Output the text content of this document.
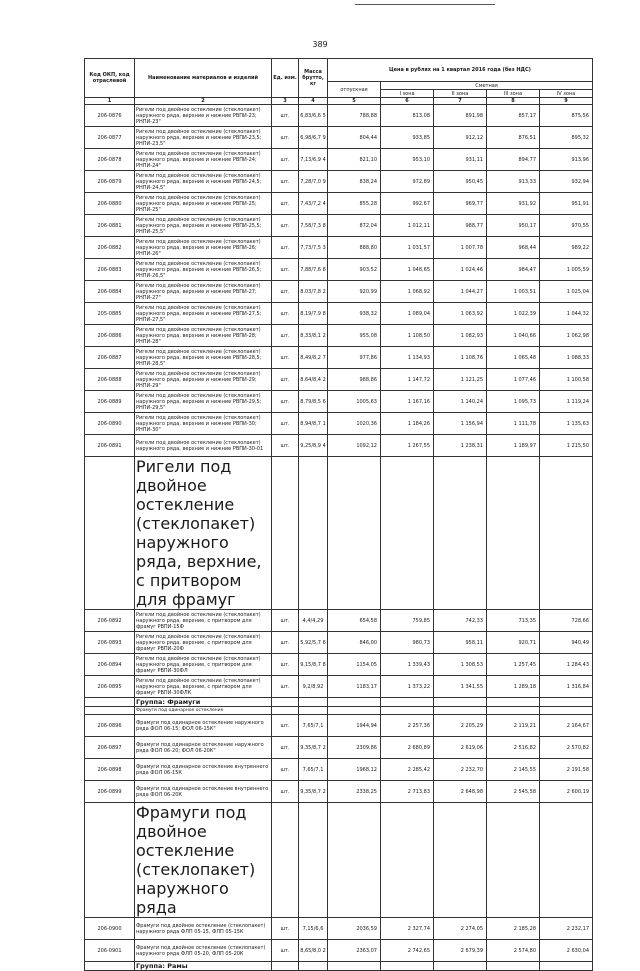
389
Код ОКП, код отраслевой	Наименование материалов и изделий	Ед. изм.	Масса брутто, кг	Цена в рублях на 1 квартал 2016 года (без НДС)				
				отпускная	Сметная			
					I зона	II зона	III зона	IV зона
1	2	3	4	5	6	7	8	9
206-0876	Ригели под двойное остекление (стеклопакет) наружного ряда, верхние и нижние РВПИ-23; РНПИ-23"	шт.	6,83/6,6 5	788,88	813,08	891,98	857,17	875,56
206-0877	Ригели под двойное остекление (стеклопакет) наружного ряда, верхние и нижние РВПИ-23,5; РНПИ-23,5"	шт.	6,98/6,7 9	804,44	933,85	912,12	876,51	895,32
206-0878	Ригели под двойное остекление (стеклопакет) наружного ряда, верхние и нижние РВПИ-24; РНПИ-24"	шт.	7,13/6,9 4	821,10	953,10	931,11	894,77	913,96
206-0879	Ригели под двойное остекление (стеклопакет) наружного ряда, верхние и нижние РВПИ-24,5; РНПИ-24,5"	шт.	7,28/7,0 9	838,24	972,89	950,45	913,33	932,94
206-0880	Ригели под двойное остекление (стеклопакет) наружного ряда, верхние и нижние РВПИ-25; РНПИ-25"	шт.	7,43/7,2 4	855,28	992,67	969,77	931,92	951,91
206-0881	Ригели под двойное остекление (стеклопакет) наружного ряда, верхние и нижние РВПИ-25,5; РНПИ-25,5"	шт.	7,58/7,3 8	872,04	1 012,11	988,77	950,17	970,55
206-0882	Ригели под двойное остекление (стеклопакет) наружного ряда, верхние и нижние РВПИ-26; РНПИ-26"	шт.	7,73/7,5 3	888,80	1 031,57	1 007,78	968,44	989,22
206-0883	Ригели под двойное остекление (стеклопакет) наружного ряда, верхние и нижние РВПИ-26,5; РНПИ-26,5"	шт.	7,88/7,6 8	903,52	1 048,65	1 024,46	984,47	1 005,59
206-0884	Ригели под двойное остекление (стеклопакет) наружного ряда, верхние и нижние РВПИ-27; РНПИ-27"	шт.	8,03/7,8 2	920,99	1 068,92	1 044,27	1 003,51	1 025,04
205-0885	Ригели под двойное остекление (стеклопакет) наружного ряда, верхние и нижние РВПИ-27,5; РНПИ-27,5"	шт.	8,19/7,9 8	938,32	1 089,04	1 063,92	1 022,39	1 044,32
206-0886	Ригели под двойное остекление (стеклопакет) наружного ряда, верхние и нижние РВПИ-28; РНПИ-28"	шт.	8,33/8,1 2	955,08	1 108,50	1 082,93	1 040,66	1 062,98
206-0887	Ригели под двойное остекление (стеклопакет) наружного ряда, верхние и нижние РВПИ-28,5; РНПИ-28,5"	шт.	8,49/8,2 7	977,86	1 134,93	1 108,76	1 065,48	1 088,33
206-0888	Ригели под двойное остекление (стеклопакет) наружного ряда, верхние и нижние РВПИ-29; РНПИ-29"	шт.	8,64/8,4 2	988,86	1 147,72	1 121,25	1 077,46	1 100,58
206-0889	Ригели под двойное остекление (стеклопакет) наружного ряда, верхние и нижние РВПИ-29,5; РНПИ-29,5"	шт.	8,79/8,5 6	1005,63	1 167,16	1 140,24	1 095,73	1 119,24
206-0890	Ригели под двойное остекление (стеклопакет) наружного ряда, верхние и нижние РВПИ-30; РНПИ-30"	шт.	8,94/8,7 1	1020,36	1 184,26	1 156,94	1 111,78	1 135,63
206-0891	Ригели под двойное остекление (стеклопакет) наружного ряда, верхние и нижние РВПИ-30-01	шт.	9,25/8,9 4	1092,12	1 267,55	1 238,31	1 189,97	1 215,50
	Ригели под двойное остекление (стеклопакет) наружного ряда, верхние, с притвором для фрамуг							
206-0892	Ригели под двойное остекление (стеклопакет) наружного ряда, верхние, с притвором для фрамуг РВПИ-15Ф	шт.	4,4/4,29	654,58	759,85	742,33	713,35	728,66
206-0893	Ригели под двойное остекление (стеклопакет) наружного ряда, верхние, с притвором для фрамуг РВПИ-20Ф	шт.	5,92/5,7 6	846,00	980,73	958,11	920,71	940,49
206-0894	Ригели под двойное остекление (стеклопакет) наружного ряда, верхние, с притвором для фрамуг РВПИ-30ФЛ	шт.	9,15/8,7 8	1154,05	1 339,43	1 308,53	1 257,45	1 284,43
206-0895	Ригели под двойное остекление (стеклопакет) наружного ряда, верхние, с притвором для фрамуг РВПИ-30ФЛК	шт.	9,2/8,92	1183,17	1 373,22	1 341,55	1 289,18	1 316,84
	Группа: Фрамуги							
	Фрамуги под одинарное остекление							
206-0896	Фрамуги под одинарное остекление наружного ряда ФОЛ 06-15; ФОЛ 06-15К"	шт.	7,65/7,1	1944,94	2 257,36	2 205,29	2 119,21	2 164,67
206-0897	Фрамуги под одинарное остекление наружного ряда ФОЛ 06-20; ФОЛ 06-20К"	шт.	9,35/8,7 2	2309,86	2 680,89	2 619,06	2 516,82	2 570,82
206-0898	Фрамуги под одинарное остекление внутреннего ряда ФОЛ 06-15К	шт.	7,65/7,1	1968,12	2 285,42	2 232,70	2 145,55	2 191,58
206-0899	Фрамуги под одинарное остекление внутреннего ряда ФОЛ 06-20К	шт.	9,35/8,7 2	2338,25	2 713,83	2 648,98	2 545,58	2 600,19
	Фрамуги под двойное остекление (стеклопакет) наружного ряда							
206-0900	Фрамуги под двойное остекление (стеклопакет) наружного ряда ФЛП 05-15, ФЛП 05-15К	шт.	7,15/6,6	2036,59	2 327,74	2 274,05	2 185,28	2 232,17
206-0901	Фрамуги под двойное остекление (стеклопакет) наружного ряда ФЛП 05-20, ФЛП 05-20К	шт.	8,65/8,0 2	2363,07	2 742,65	2 679,39	2 574,80	2 630,04
	Группа: Рамы							
